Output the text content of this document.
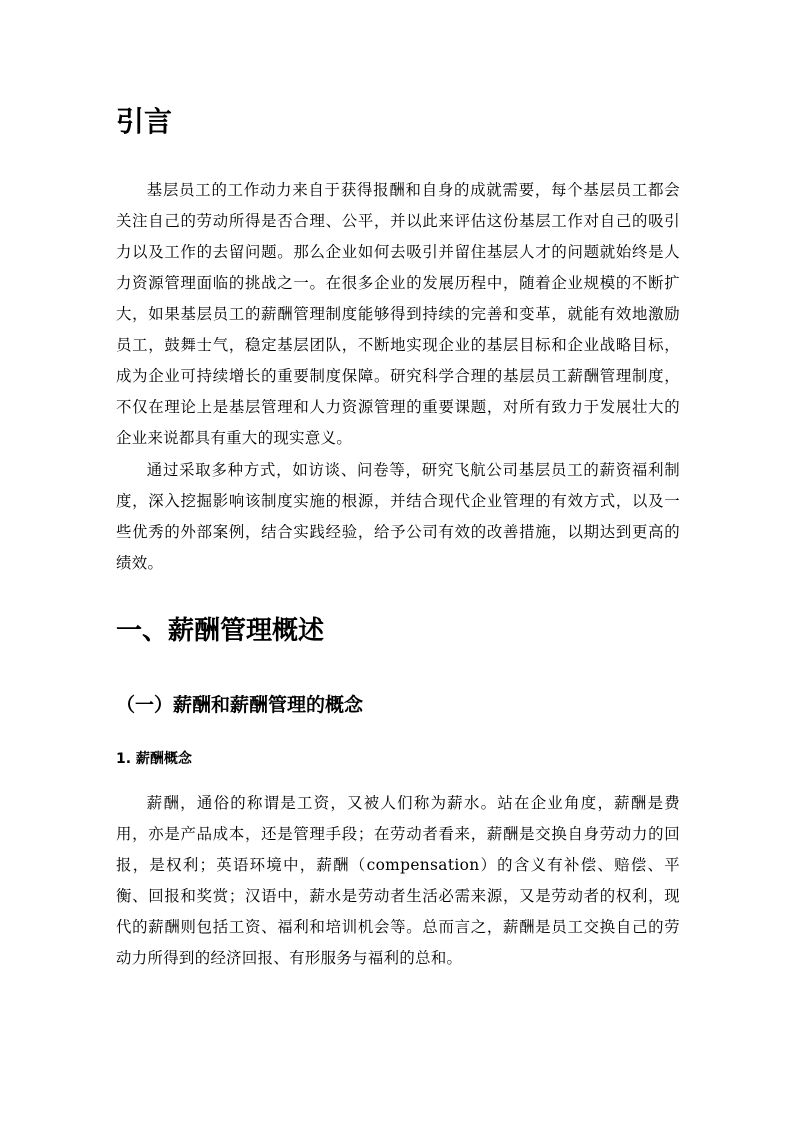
引言

基层员工的工作动力来自于获得报酬和自身的成就需要，每个基层员工都会关注自己的劳动所得是否合理、公平，并以此来评估这份基层工作对自己的吸引力以及工作的去留问题。那么企业如何去吸引并留住基层人才的问题就始终是人力资源管理面临的挑战之一。在很多企业的发展历程中，随着企业规模的不断扩大，如果基层员工的薪酬管理制度能够得到持续的完善和变革，就能有效地激励员工，鼓舞士气，稳定基层团队，不断地实现企业的基层目标和企业战略目标，成为企业可持续增长的重要制度保障。研究科学合理的基层员工薪酬管理制度，不仅在理论上是基层管理和人力资源管理的重要课题，对所有致力于发展壮大的企业来说都具有重大的现实意义。

通过采取多种方式，如访谈、问卷等，研究飞航公司基层员工的薪资福利制度，深入挖掘影响该制度实施的根源，并结合现代企业管理的有效方式，以及一些优秀的外部案例，结合实践经验，给予公司有效的改善措施，以期达到更高的绩效。

一、薪酬管理概述
（一）薪酬和薪酬管理的概念
1. 薪酬概念

薪酬，通俗的称谓是工资，又被人们称为薪水。站在企业角度，薪酬是费用，亦是产品成本，还是管理手段；在劳动者看来，薪酬是交换自身劳动力的回报，是权利；英语环境中，薪酬（compensation）的含义有补偿、赔偿、平衡、回报和奖赏；汉语中，薪水是劳动者生活必需来源，又是劳动者的权利，现代的薪酬则包括工资、福利和培训机会等。总而言之，薪酬是员工交换自己的劳动力所得到的经济回报、有形服务与福利的总和。
